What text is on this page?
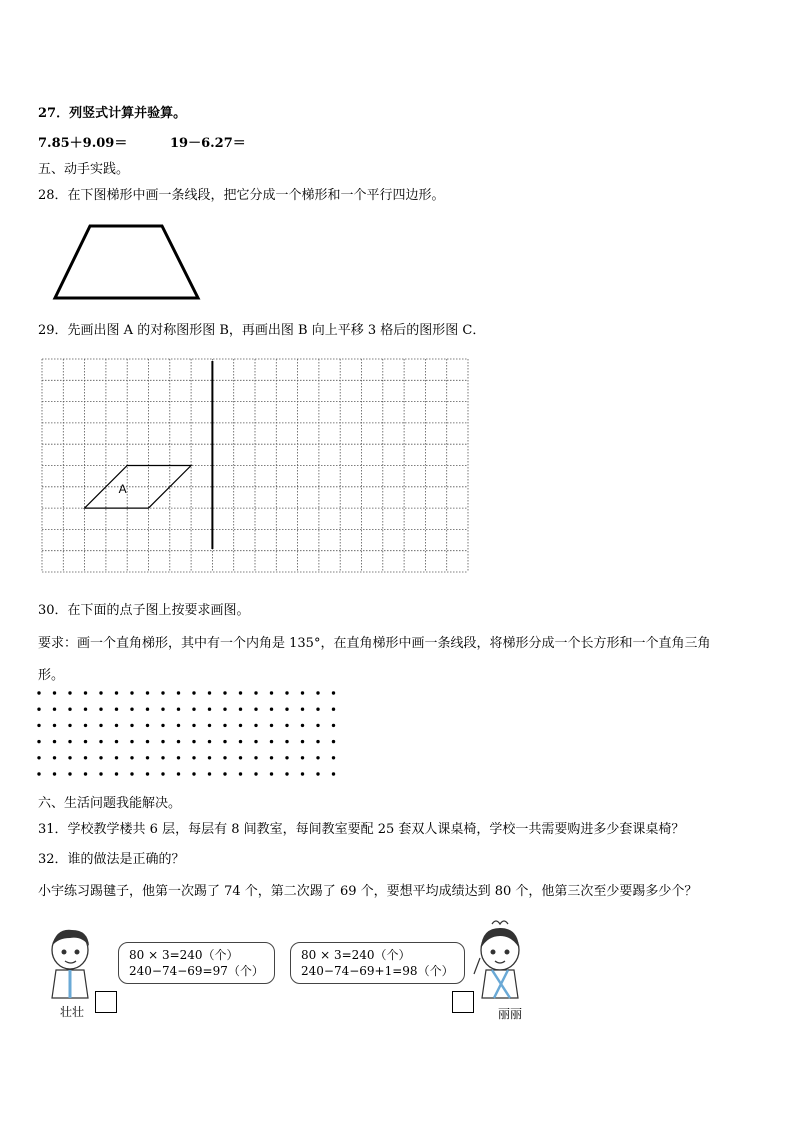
27．列竖式计算并验算。
7.85＋9.09＝	19－6.27＝
五、动手实践。
28．在下图梯形中画一条线段，把它分成一个梯形和一个平行四边形。
29．先画出图 A 的对称图形图 B，再画出图 B 向上平移 3 格后的图形图 C．
A
30．在下面的点子图上按要求画图。
要求：画一个直角梯形，其中有一个内角是 135°，在直角梯形中画一条线段，将梯形分成一个长方形和一个直角三角
形。
六、生活问题我能解决。
31．学校教学楼共 6 层，每层有 8 间教室，每间教室要配 25 套双人课桌椅，学校一共需要购进多少套课桌椅？
32．谁的做法是正确的？
小宇练习踢毽子，他第一次踢了 74 个，第二次踢了 69 个，要想平均成绩达到 80 个，他第三次至少要踢多少个？
80 × 3=240（个）
240−74−69=97（个）
壮壮
80 × 3=240（个）
240−74−69+1=98（个）
丽丽
